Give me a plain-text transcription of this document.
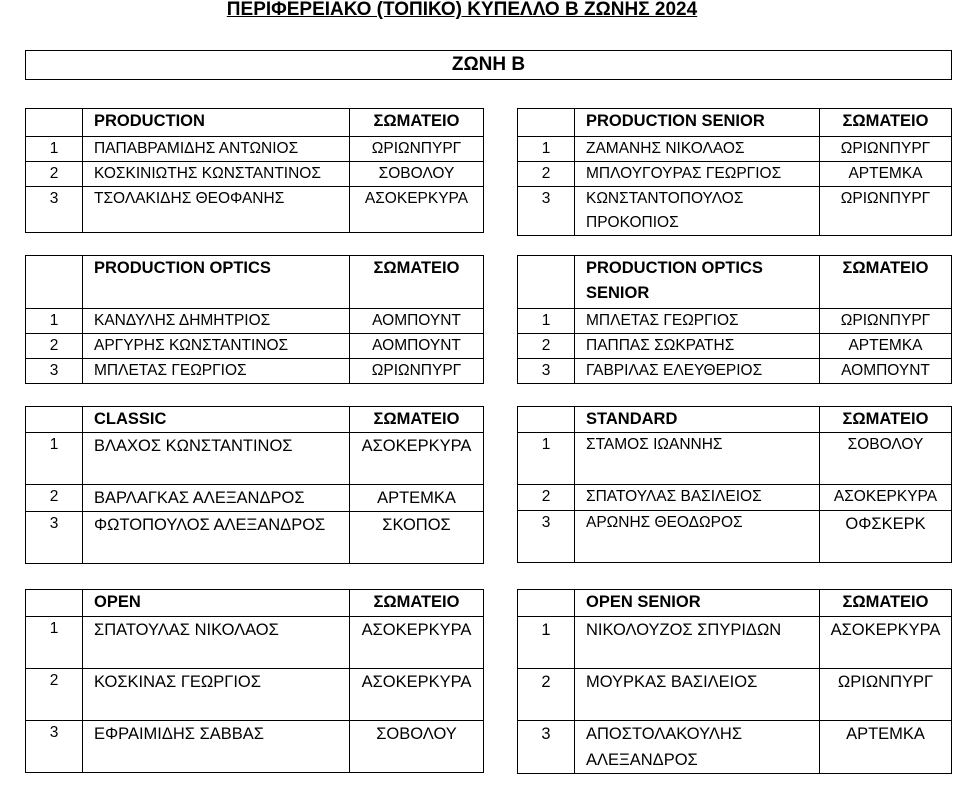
ΠΕΡΙΦΕΡΕΙΑΚΟ (ΤΟΠΙΚΟ) ΚΥΠΕΛΛΟ Β ΖΩΝΗΣ 2024
ΖΩΝΗ Β
	PRODUCTION	ΣΩΜΑΤΕΙΟ
1	ΠΑΠΑΒΡΑΜΙΔΗΣ ΑΝΤΩΝΙΟΣ	ΩΡΙΩΝΠΥΡΓ
2	ΚΟΣΚΙΝΙΩΤΗΣ ΚΩΝΣΤΑΝΤΙΝΟΣ	ΣΟΒΟΛΟΥ
3	ΤΣΟΛΑΚΙΔΗΣ ΘΕΟΦΑΝΗΣ	ΑΣΟΚΕΡΚΥΡΑ
	PRODUCTION SENIOR	ΣΩΜΑΤΕΙΟ
1	ΖΑΜΑΝΗΣ ΝΙΚΟΛΑΟΣ	ΩΡΙΩΝΠΥΡΓ
2	ΜΠΛΟΥΓΟΥΡΑΣ ΓΕΩΡΓΙΟΣ	ΑΡΤΕΜΚΑ
3	ΚΩΝΣΤΑΝΤΟΠΟΥΛΟΣ ΠΡΟΚΟΠΙΟΣ	ΩΡΙΩΝΠΥΡΓ
	PRODUCTION OPTICS	ΣΩΜΑΤΕΙΟ
1	ΚΑΝΔΥΛΗΣ ΔΗΜΗΤΡΙΟΣ	ΑΟΜΠΟΥΝΤ
2	ΑΡΓΥΡΗΣ ΚΩΝΣΤΑΝΤΙΝΟΣ	ΑΟΜΠΟΥΝΤ
3	ΜΠΛΕΤΑΣ ΓΕΩΡΓΙΟΣ	ΩΡΙΩΝΠΥΡΓ
	PRODUCTION OPTICS SENIOR	ΣΩΜΑΤΕΙΟ
1	ΜΠΛΕΤΑΣ ΓΕΩΡΓΙΟΣ	ΩΡΙΩΝΠΥΡΓ
2	ΠΑΠΠΑΣ ΣΩΚΡΑΤΗΣ	ΑΡΤΕΜΚΑ
3	ΓΑΒΡΙΛΑΣ ΕΛΕΥΘΕΡΙΟΣ	ΑΟΜΠΟΥΝΤ
	CLASSIC	ΣΩΜΑΤΕΙΟ
1	ΒΛΑΧΟΣ ΚΩΝΣΤΑΝΤΙΝΟΣ	ΑΣΟΚΕΡΚΥΡΑ
2	ΒΑΡΛΑΓΚΑΣ ΑΛΕΞΑΝΔΡΟΣ	ΑΡΤΕΜΚΑ
3	ΦΩΤΟΠΟΥΛΟΣ ΑΛΕΞΑΝΔΡΟΣ	ΣΚΟΠΟΣ
	STANDARD	ΣΩΜΑΤΕΙΟ
1	ΣΤΑΜΟΣ ΙΩΑΝΝΗΣ	ΣΟΒΟΛΟΥ
2	ΣΠΑΤΟΥΛΑΣ ΒΑΣΙΛΕΙΟΣ	ΑΣΟΚΕΡΚΥΡΑ
3	ΑΡΩΝΗΣ ΘΕΟΔΩΡΟΣ	ΟΦΣΚΕΡΚ
	OPEN	ΣΩΜΑΤΕΙΟ
1	ΣΠΑΤΟΥΛΑΣ ΝΙΚΟΛΑΟΣ	ΑΣΟΚΕΡΚΥΡΑ
2	ΚΟΣΚΙΝΑΣ ΓΕΩΡΓΙΟΣ	ΑΣΟΚΕΡΚΥΡΑ
3	ΕΦΡΑΙΜΙΔΗΣ ΣΑΒΒΑΣ	ΣΟΒΟΛΟΥ
	OPEN SENIOR	ΣΩΜΑΤΕΙΟ
1	ΝΙΚΟΛΟΥΖΟΣ ΣΠΥΡΙΔΩΝ	ΑΣΟΚΕΡΚΥΡΑ
2	ΜΟΥΡΚΑΣ ΒΑΣΙΛΕΙΟΣ	ΩΡΙΩΝΠΥΡΓ
3	ΑΠΟΣΤΟΛΑΚΟΥΛΗΣ ΑΛΕΞΑΝΔΡΟΣ	ΑΡΤΕΜΚΑ
